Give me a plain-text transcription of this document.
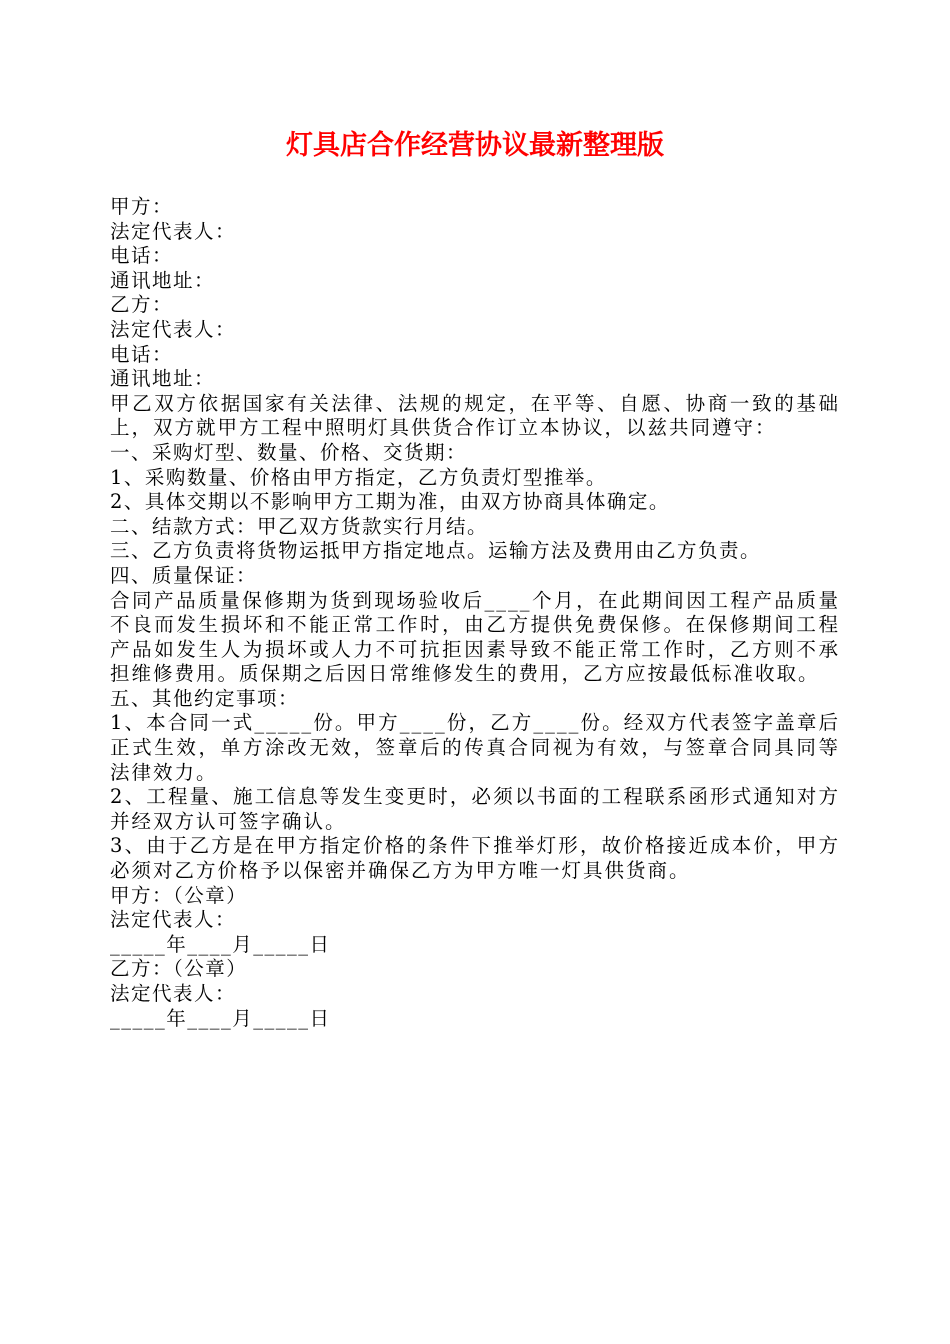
灯具店合作经营协议最新整理版

甲方：

法定代表人：

电话：

通讯地址：

乙方：

法定代表人：

电话：

通讯地址：

甲乙双方依据国家有关法律、法规的规定，在平等、自愿、协商一致的基础上，双方就甲方工程中照明灯具供货合作订立本协议，以兹共同遵守：

一、采购灯型、数量、价格、交货期：

1、采购数量、价格由甲方指定，乙方负责灯型推举。

2、具体交期以不影响甲方工期为准，由双方协商具体确定。

二、结款方式：甲乙双方货款实行月结。

三、乙方负责将货物运抵甲方指定地点。运输方法及费用由乙方负责。

四、质量保证：

合同产品质量保修期为货到现场验收后____个月，在此期间因工程产品质量不良而发生损坏和不能正常工作时，由乙方提供免费保修。在保修期间工程产品如发生人为损坏或人力不可抗拒因素导致不能正常工作时，乙方则不承担维修费用。质保期之后因日常维修发生的费用，乙方应按最低标准收取。

五、其他约定事项：

1、本合同一式_____份。甲方____份，乙方____份。经双方代表签字盖章后正式生效，单方涂改无效，签章后的传真合同视为有效，与签章合同具同等法律效力。

2、工程量、施工信息等发生变更时，必须以书面的工程联系函形式通知对方并经双方认可签字确认。

3、由于乙方是在甲方指定价格的条件下推举灯形，故价格接近成本价，甲方必须对乙方价格予以保密并确保乙方为甲方唯一灯具供货商。

甲方：（公章）

法定代表人：

_____年____月_____日

乙方：（公章）

法定代表人：

_____年____月_____日
